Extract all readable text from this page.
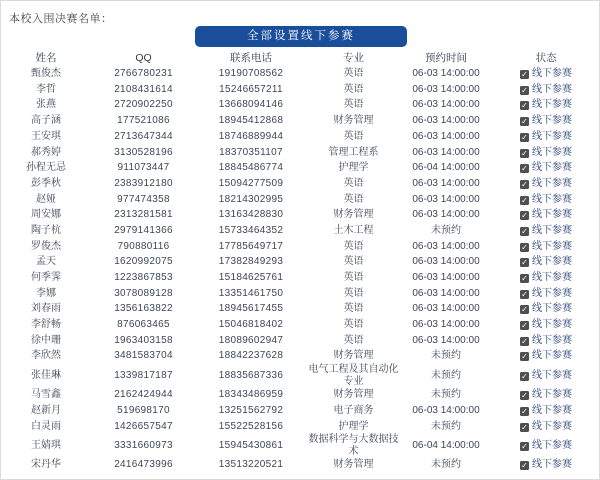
本校入围决赛名单：
全部设置线下参赛
姓名	QQ	联系电话	专业	预约时间	状态
甄俊杰	2766780231	19190708562	英语	06-03 14:00:00	✓ 线下参赛
李哲	2108431614	15246657211	英语	06-03 14:00:00	✓ 线下参赛
张燕	2720902250	13668094146	英语	06-03 14:00:00	✓ 线下参赛
高子涵	177521086	18945412868	财务管理	06-03 14:00:00	✓ 线下参赛
王安琪	2713647344	18746889944	英语	06-03 14:00:00	✓ 线下参赛
郝秀婷	3130528196	18370351107	管理工程系	06-03 14:00:00	✓ 线下参赛
孙程无忌	911073447	18845486774	护理学	06-04 14:00:00	✓ 线下参赛
彭季秋	2383912180	15094277509	英语	06-03 14:00:00	✓ 线下参赛
赵娅	977474358	18214302995	英语	06-03 14:00:00	✓ 线下参赛
周安娜	2313281581	13163428830	财务管理	06-03 14:00:00	✓ 线下参赛
陶子杭	2979141366	15733464352	土木工程	未预约	✓ 线下参赛
罗俊杰	790880116	17785649717	英语	06-03 14:00:00	✓ 线下参赛
孟天	1620992075	17382849293	英语	06-03 14:00:00	✓ 线下参赛
何季霁	1223867853	15184625761	英语	06-03 14:00:00	✓ 线下参赛
李娜	3078089128	13351461750	英语	06-03 14:00:00	✓ 线下参赛
刘春雨	1356163822	18945617455	英语	06-03 14:00:00	✓ 线下参赛
李舒畅	876063465	15046818402	英语	06-03 14:00:00	✓ 线下参赛
徐中珊	1963403158	18089602947	英语	06-03 14:00:00	✓ 线下参赛
李欣然	3481583704	18842237628	财务管理	未预约	✓ 线下参赛
张佳琳	1339817187	18835687336	电气工程及其自动化专业	未预约	✓ 线下参赛
马雪鑫	2162424944	18343486959	财务管理	未预约	✓ 线下参赛
赵新月	519698170	13251562792	电子商务	06-03 14:00:00	✓ 线下参赛
白灵雨	1426657547	15522528156	护理学	未预约	✓ 线下参赛
王婧琪	3331660973	15945430861	数据科学与大数据技术	06-04 14:00:00	✓ 线下参赛
宋丹华	2416473996	13513220521	财务管理	未预约	✓ 线下参赛
